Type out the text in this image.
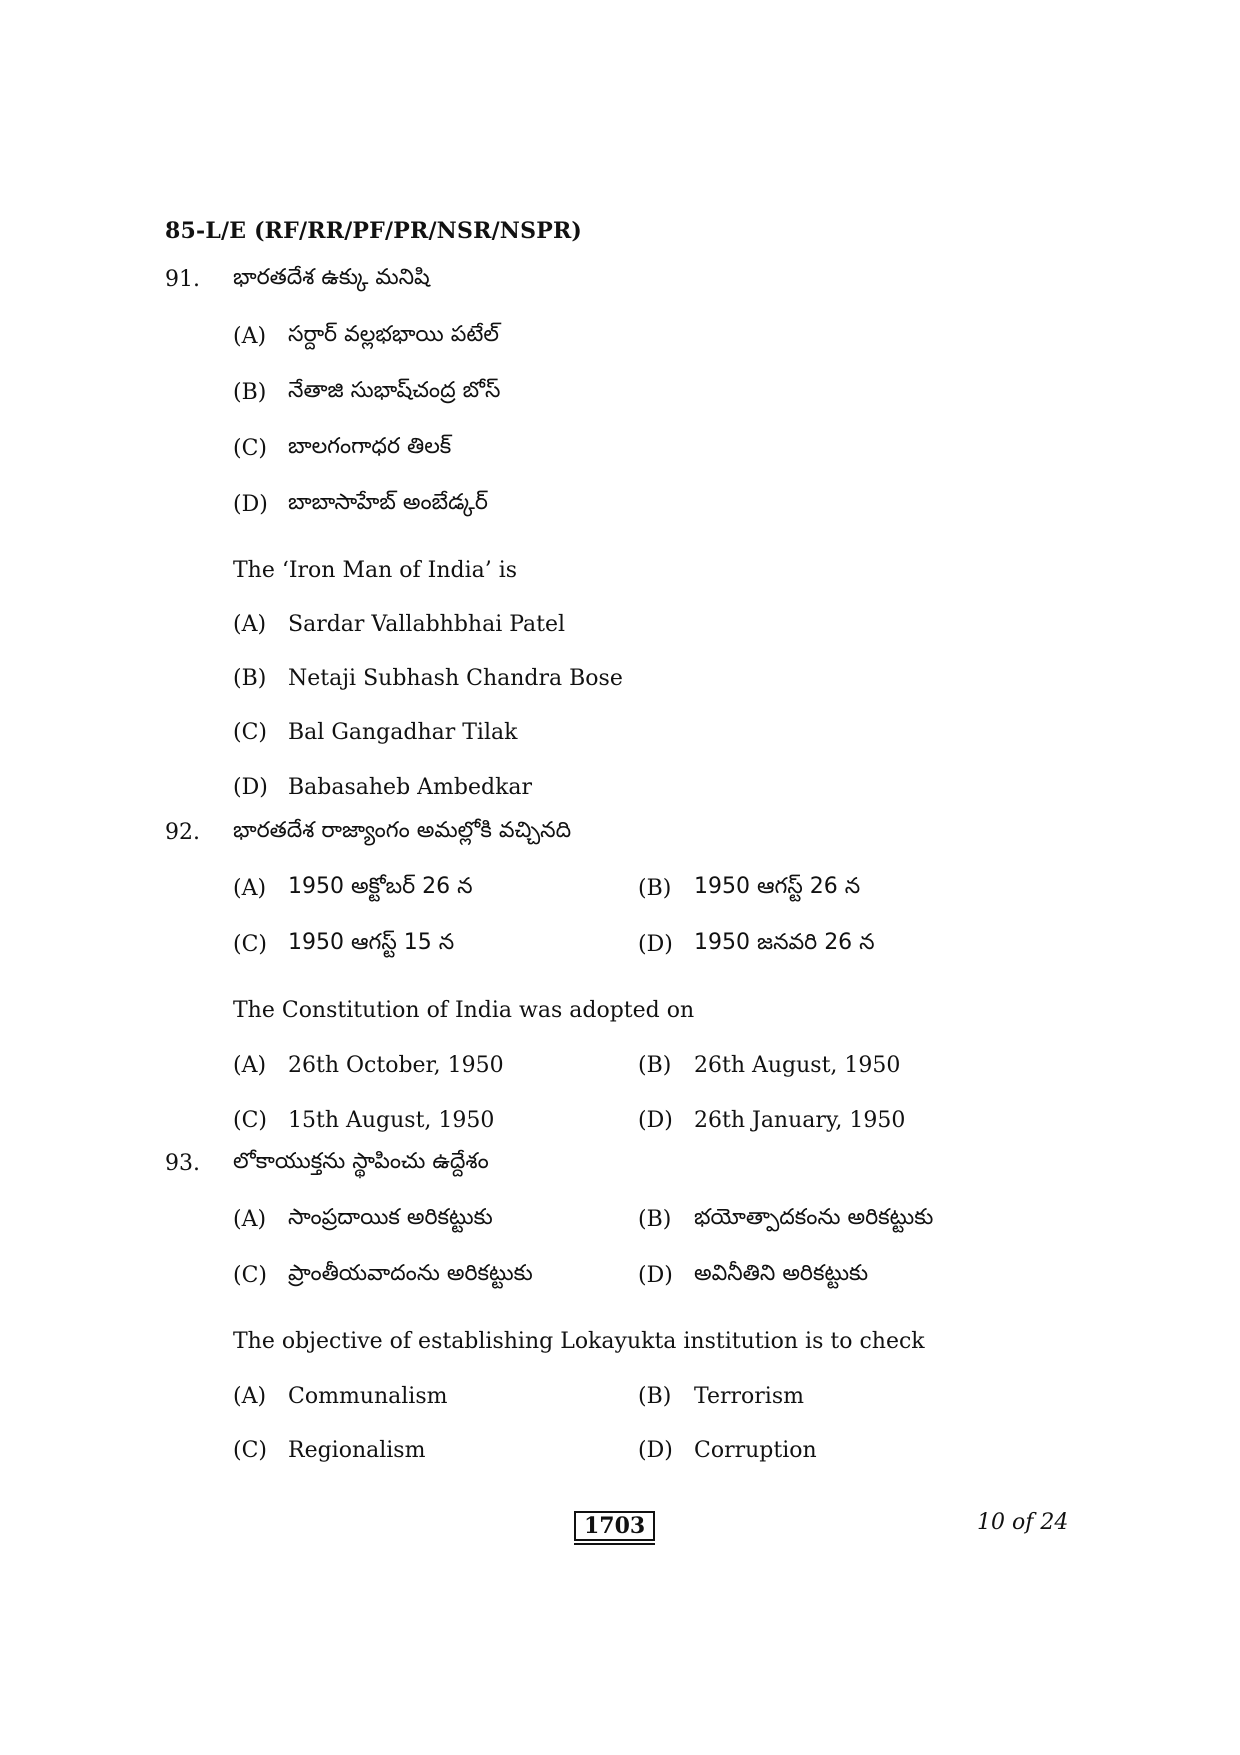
85-L/E (RF/RR/PF/PR/NSR/NSPR)
91. భారతదేశ ఉక్కు మనిషి
(A) సర్దార్ వల్లభభాయి పటేల్
(B) నేతాజి సుభాష్‌చంద్ర బోస్
(C) బాలగంగాధర తిలక్
(D) బాబాసాహేబ్ అంబేడ్కర్
The ‘Iron Man of India’ is
(A) Sardar Vallabhbhai Patel
(B) Netaji Subhash Chandra Bose
(C) Bal Gangadhar Tilak
(D) Babasaheb Ambedkar
92. భారతదేశ రాజ్యాంగం అమల్లోకి వచ్చినది
(A) 1950 అక్టోబర్ 26 న	(B) 1950 ఆగస్ట్ 26 న
(C) 1950 ఆగస్ట్ 15 న	(D) 1950 జనవరి 26 న
The Constitution of India was adopted on
(A) 26th October, 1950	(B) 26th August, 1950
(C) 15th August, 1950	(D) 26th January, 1950
93. లోకాయుక్తను స్థాపించు ఉద్దేశం
(A) సాంప్రదాయిక అరికట్టుకు	(B) భయోత్పాదకంను అరికట్టుకు
(C) ప్రాంతీయవాదంను అరికట్టుకు	(D) అవినీతిని అరికట్టుకు
The objective of establishing Lokayukta institution is to check
(A) Communalism	(B) Terrorism
(C) Regionalism	(D) Corruption
1703	10 of 24
